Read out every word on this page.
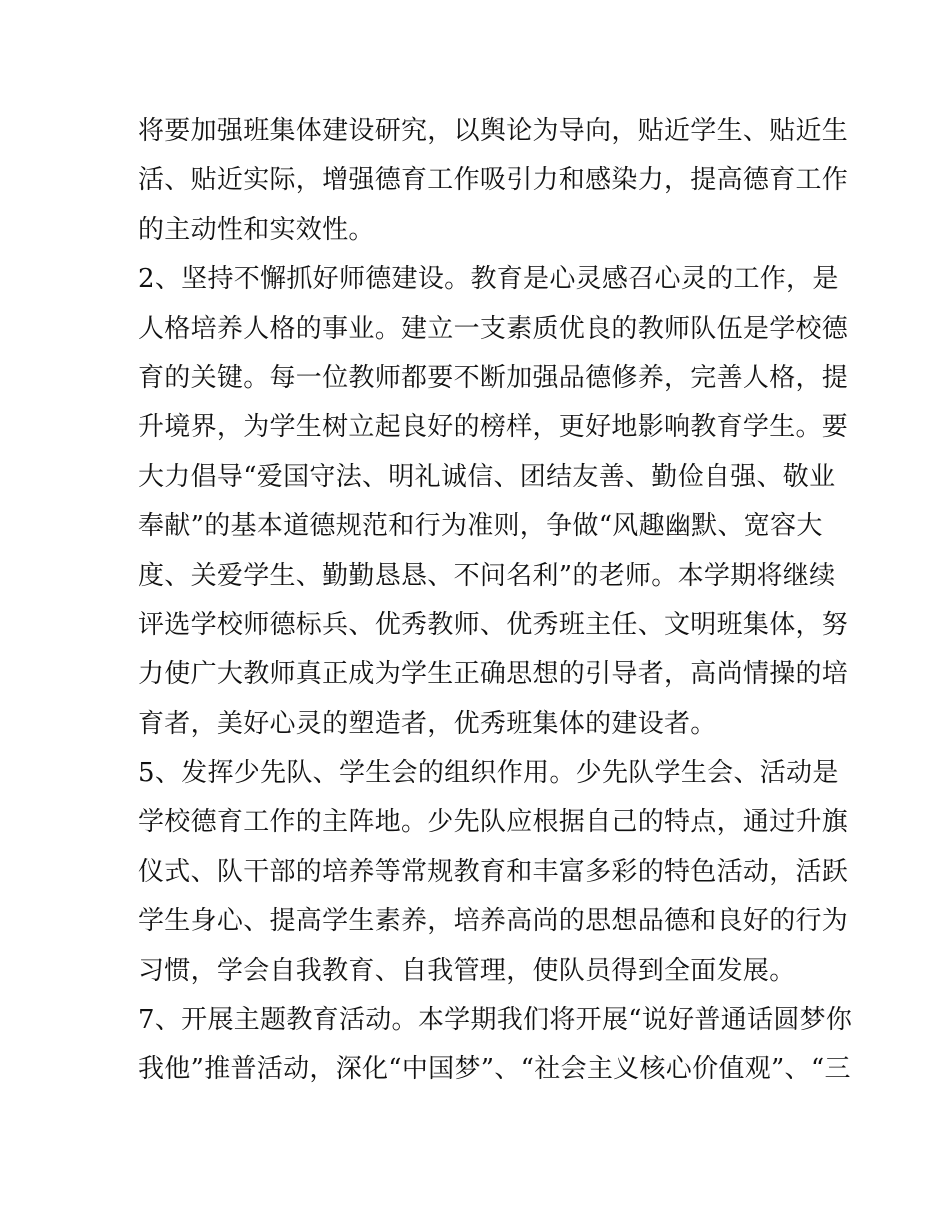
将要加强班集体建设研究，以舆论为导向，贴近学生、贴近生
活、贴近实际，增强德育工作吸引力和感染力，提高德育工作
的主动性和实效性。
2、坚持不懈抓好师德建设。教育是心灵感召心灵的工作，是
人格培养人格的事业。建立一支素质优良的教师队伍是学校德
育的关键。每一位教师都要不断加强品德修养，完善人格，提
升境界，为学生树立起良好的榜样，更好地影响教育学生。要
大力倡导“爱国守法、明礼诚信、团结友善、勤俭自强、敬业
奉献”的基本道德规范和行为准则，争做“风趣幽默、宽容大
度、关爱学生、勤勤恳恳、不问名利”的老师。本学期将继续
评选学校师德标兵、优秀教师、优秀班主任、文明班集体，努
力使广大教师真正成为学生正确思想的引导者，高尚情操的培
育者，美好心灵的塑造者，优秀班集体的建设者。
5、发挥少先队、学生会的组织作用。少先队学生会、活动是
学校德育工作的主阵地。少先队应根据自己的特点，通过升旗
仪式、队干部的培养等常规教育和丰富多彩的特色活动，活跃
学生身心、提高学生素养，培养高尚的思想品德和良好的行为
习惯，学会自我教育、自我管理，使队员得到全面发展。
7、开展主题教育活动。本学期我们将开展“说好普通话圆梦你
我他”推普活动，深化“中国梦”、“社会主义核心价值观”、“三
